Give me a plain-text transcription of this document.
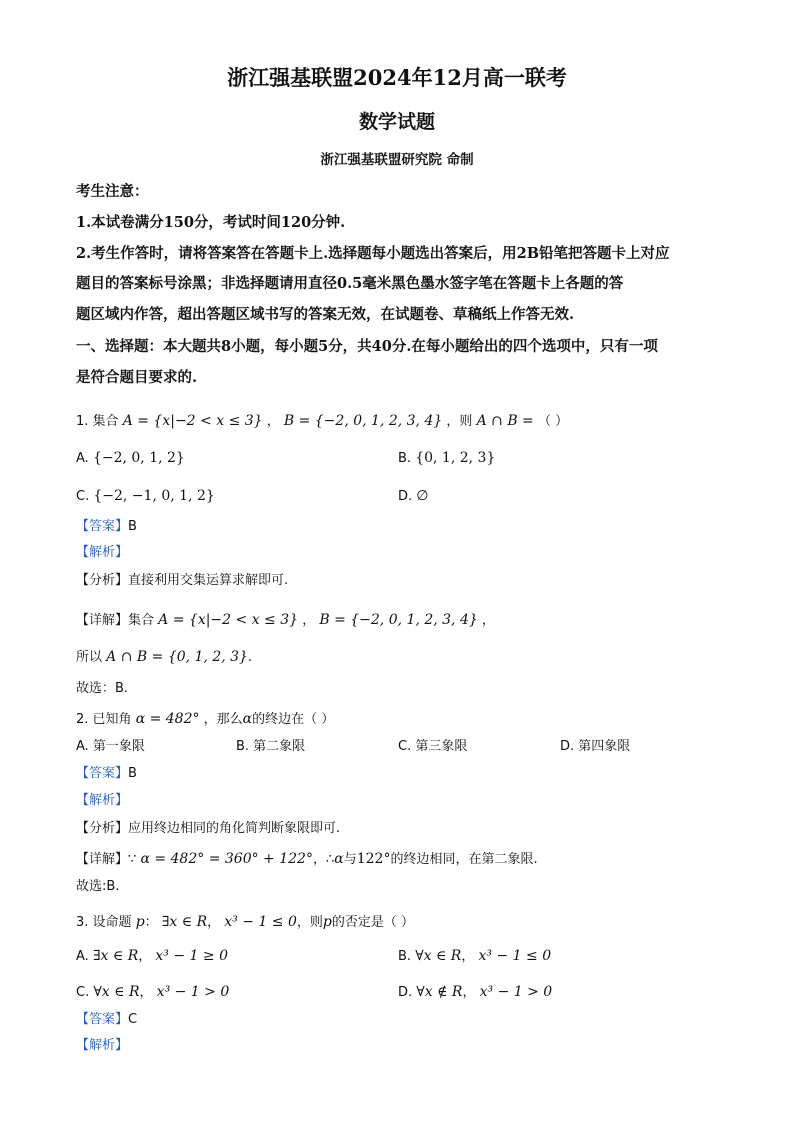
浙江强基联盟2024年12月高一联考
数学试题
浙江强基联盟研究院 命制
考生注意：
1.本试卷满分150分，考试时间120分钟.
2.考生作答时，请将答案答在答题卡上.选择题每小题选出答案后，用2B铅笔把答题卡上对应
题目的答案标号涂黑；非选择题请用直径0.5毫米黑色墨水签字笔在答题卡上各题的答
题区域内作答，超出答题区域书写的答案无效，在试题卷、草稿纸上作答无效.
一、选择题：本大题共8小题，每小题5分，共40分.在每小题给出的四个选项中，只有一项
是符合题目要求的.
1. 集合 A = {x|−2 < x ≤ 3} ， B = {−2, 0, 1, 2, 3, 4} ，则 A ∩ B = （ ）
A. {−2, 0, 1, 2}	B. {0, 1, 2, 3}
C. {−2, −1, 0, 1, 2}	D. ∅
【答案】B
【解析】
【分析】直接利用交集运算求解即可.
【详解】集合 A = {x|−2 < x ≤ 3} ， B = {−2, 0, 1, 2, 3, 4} ，
所以 A ∩ B = {0, 1, 2, 3}.
故选：B.
2. 已知角 α = 482° ，那么α的终边在（ ）
A. 第一象限	B. 第二象限	C. 第三象限	D. 第四象限
【答案】B
【解析】
【分析】应用终边相同的角化简判断象限即可.
【详解】∵ α = 482° = 360° + 122°，∴α与122°的终边相同，在第二象限.
故选:B.
3. 设命题 p： ∃x ∈ R， x³ − 1 ≤ 0，则p的否定是（ ）
A. ∃x ∈ R， x³ − 1 ≥ 0	B. ∀x ∈ R， x³ − 1 ≤ 0
C. ∀x ∈ R， x³ − 1 > 0	D. ∀x ∉ R， x³ − 1 > 0
【答案】C
【解析】
